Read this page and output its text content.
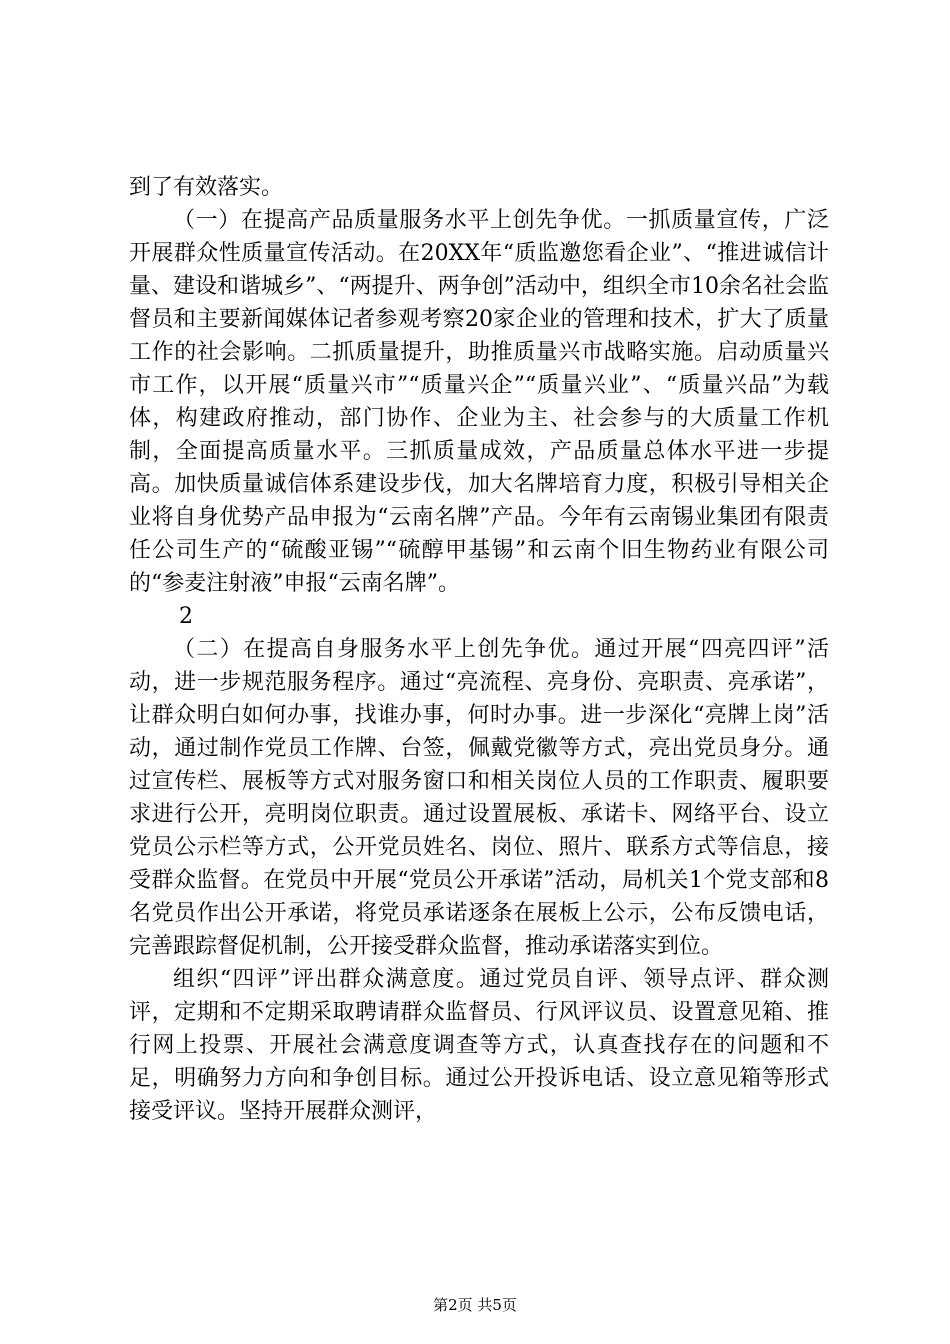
到了有效落实。

（一）在提高产品质量服务水平上创先争优。一抓质量宣传，广泛开展群众性质量宣传活动。在20XX年“质监邀您看企业”、“推进诚信计量、建设和谐城乡”、“两提升、两争创”活动中，组织全市10余名社会监督员和主要新闻媒体记者参观考察20家企业的管理和技术，扩大了质量工作的社会影响。二抓质量提升，助推质量兴市战略实施。启动质量兴市工作，以开展“质量兴市”“质量兴企”“质量兴业”、“质量兴品”为载体，构建政府推动，部门协作、企业为主、社会参与的大质量工作机制，全面提高质量水平。三抓质量成效，产品质量总体水平进一步提高。加快质量诚信体系建设步伐，加大名牌培育力度，积极引导相关企业将自身优势产品申报为“云南名牌”产品。今年有云南锡业集团有限责任公司生产的“硫酸亚锡”“硫醇甲基锡”和云南个旧生物药业有限公司的“参麦注射液”申报“云南名牌”。

2

（二）在提高自身服务水平上创先争优。通过开展“四亮四评”活动，进一步规范服务程序。通过“亮流程、亮身份、亮职责、亮承诺”，让群众明白如何办事，找谁办事，何时办事。进一步深化“亮牌上岗”活动，通过制作党员工作牌、台签，佩戴党徽等方式，亮出党员身分。通过宣传栏、展板等方式对服务窗口和相关岗位人员的工作职责、履职要求进行公开，亮明岗位职责。通过设置展板、承诺卡、网络平台、设立党员公示栏等方式，公开党员姓名、岗位、照片、联系方式等信息，接受群众监督。在党员中开展“党员公开承诺”活动，局机关1个党支部和8名党员作出公开承诺，将党员承诺逐条在展板上公示，公布反馈电话，完善跟踪督促机制，公开接受群众监督，推动承诺落实到位。

组织“四评”评出群众满意度。通过党员自评、领导点评、群众测评，定期和不定期采取聘请群众监督员、行风评议员、设置意见箱、推行网上投票、开展社会满意度调查等方式，认真查找存在的问题和不足，明确努力方向和争创目标。通过公开投诉电话、设立意见箱等形式接受评议。坚持开展群众测评，

第2页 共5页
